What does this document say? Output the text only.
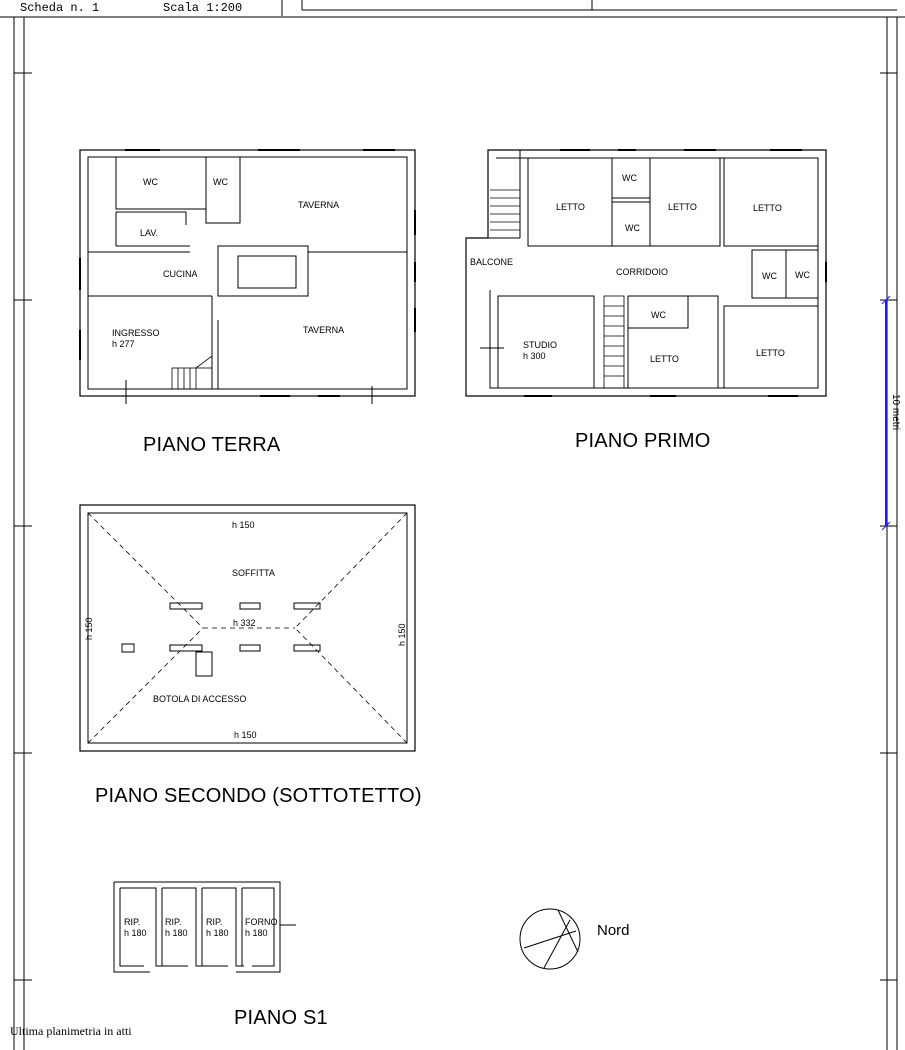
Scheda n. 1	Scala 1:200
10 metri
WC	WC
TAVERNA
LAV.
CUCINA
INGRESSO
h 277
TAVERNA
PIANO TERRA
WC
LETTO	LETTO	LETTO
WC
BALCONE
CORRIDOIO	WC WC
WC
STUDIO
h 300	LETTO
LETTO
PIANO PRIMO
h 150
SOFFITTA
h 332
h 150	h 150
BOTOLA DI ACCESSO
h 150
PIANO SECONDO (SOTTOTETTO)
RIP.
h 180
RIP.
h 180
RIP.
h 180
FORNO
h 180
PIANO S1
Nord
Ultima planimetria in atti
